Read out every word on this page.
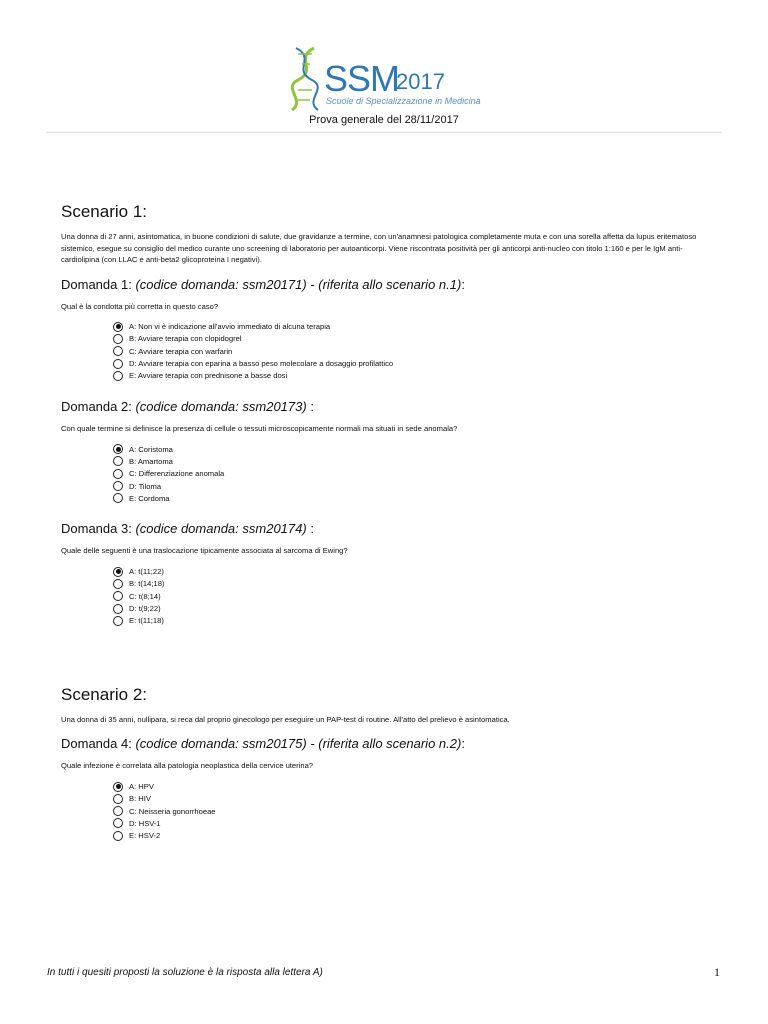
SSM
2017
Scuole di Specializzazione in Medicina
Prova generale del 28/11/2017
Scenario 1:

Una donna di 27 anni, asintomatica, in buone condizioni di salute, due gravidanze a termine, con un'anamnesi patologica completamente muta e con una sorella affetta da lupus eritematoso sistemico, esegue su consiglio del medico curante uno screening di laboratorio per autoanticorpi. Viene riscontrata positività per gli anticorpi anti-nucleo con titolo 1:160 e per le IgM anti-cardiolipina (con LLAC e anti-beta2 glicoproteina I negativi).

Domanda 1: (codice domanda: ssm20171) - (riferita allo scenario n.1):

Qual è la condotta più corretta in questo caso?

A: Non vi è indicazione all'avvio immediato di alcuna terapia
B: Avviare terapia con clopidogrel
C: Avviare terapia con warfarin
D: Avviare terapia con eparina a basso peso molecolare a dosaggio profilattico
E: Avviare terapia con prednisone a basse dosi
Domanda 2: (codice domanda: ssm20173) :

Con quale termine si definisce la presenza di cellule o tessuti microscopicamente normali ma situati in sede anomala?

A: Coristoma
B: Amartoma
C: Differenziazione anomala
D: Tiloma
E: Cordoma
Domanda 3: (codice domanda: ssm20174) :

Quale delle seguenti è una traslocazione tipicamente associata al sarcoma di Ewing?

A: t(11;22)
B: t(14;18)
C: t(8;14)
D: t(9;22)
E: t(11;18)
Scenario 2:

Una donna di 35 anni, nullipara, si reca dal proprio ginecologo per eseguire un PAP-test di routine. All'atto del prelievo è asintomatica.

Domanda 4: (codice domanda: ssm20175) - (riferita allo scenario n.2):

Quale infezione è correlata alla patologia neoplastica della cervice uterina?

A: HPV
B: HIV
C: Neisseria gonorrhoeae
D: HSV-1
E: HSV-2
In tutti i quesiti proposti la soluzione è la risposta alla lettera A)	1
